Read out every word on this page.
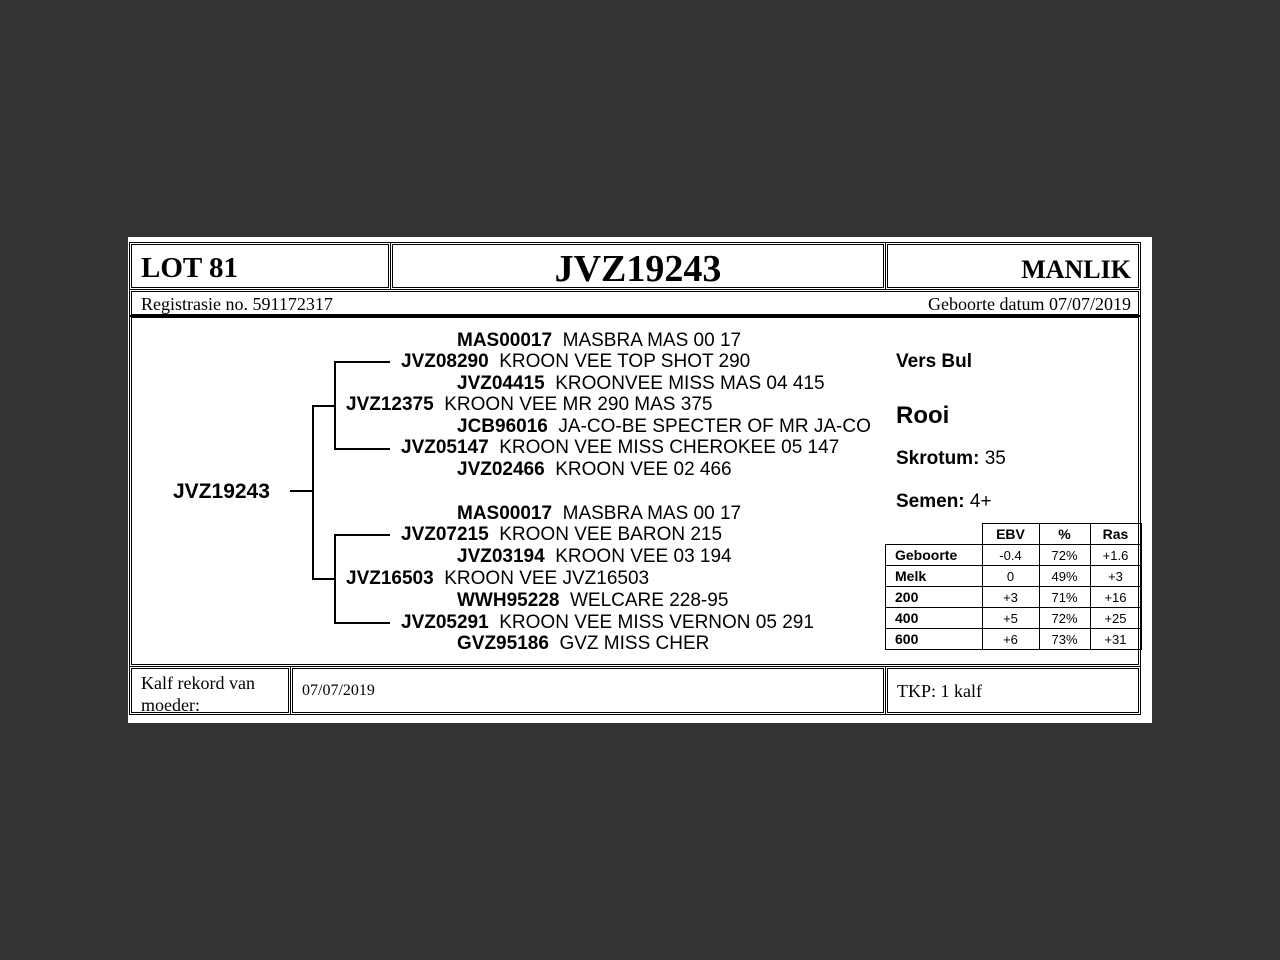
LOT 81	JVZ19243	MANLIK
Registrasie no. 591172317	Geboorte datum 07/07/2019
JVZ19243
MAS00017 MASBRA MAS 00 17
JVZ08290 KROON VEE TOP SHOT 290
JVZ04415 KROONVEE MISS MAS 04 415
JVZ12375 KROON VEE MR 290 MAS 375
JCB96016 JA-CO-BE SPECTER OF MR JA-CO
JVZ05147 KROON VEE MISS CHEROKEE 05 147
JVZ02466 KROON VEE 02 466
MAS00017 MASBRA MAS 00 17
JVZ07215 KROON VEE BARON 215
JVZ03194 KROON VEE 03 194
JVZ16503 KROON VEE JVZ16503
WWH95228 WELCARE 228-95
JVZ05291 KROON VEE MISS VERNON 05 291
GVZ95186 GVZ MISS CHER
Vers Bul
Rooi
Skrotum: 35
Semen: 4+
	EBV	%	Ras
Geboorte	-0.4	72%	+1.6
Melk	0	49%	+3
200	+3	71%	+16
400	+5	72%	+25
600	+6	73%	+31
Kalf rekord van moeder:
07/07/2019	TKP: 1 kalf
